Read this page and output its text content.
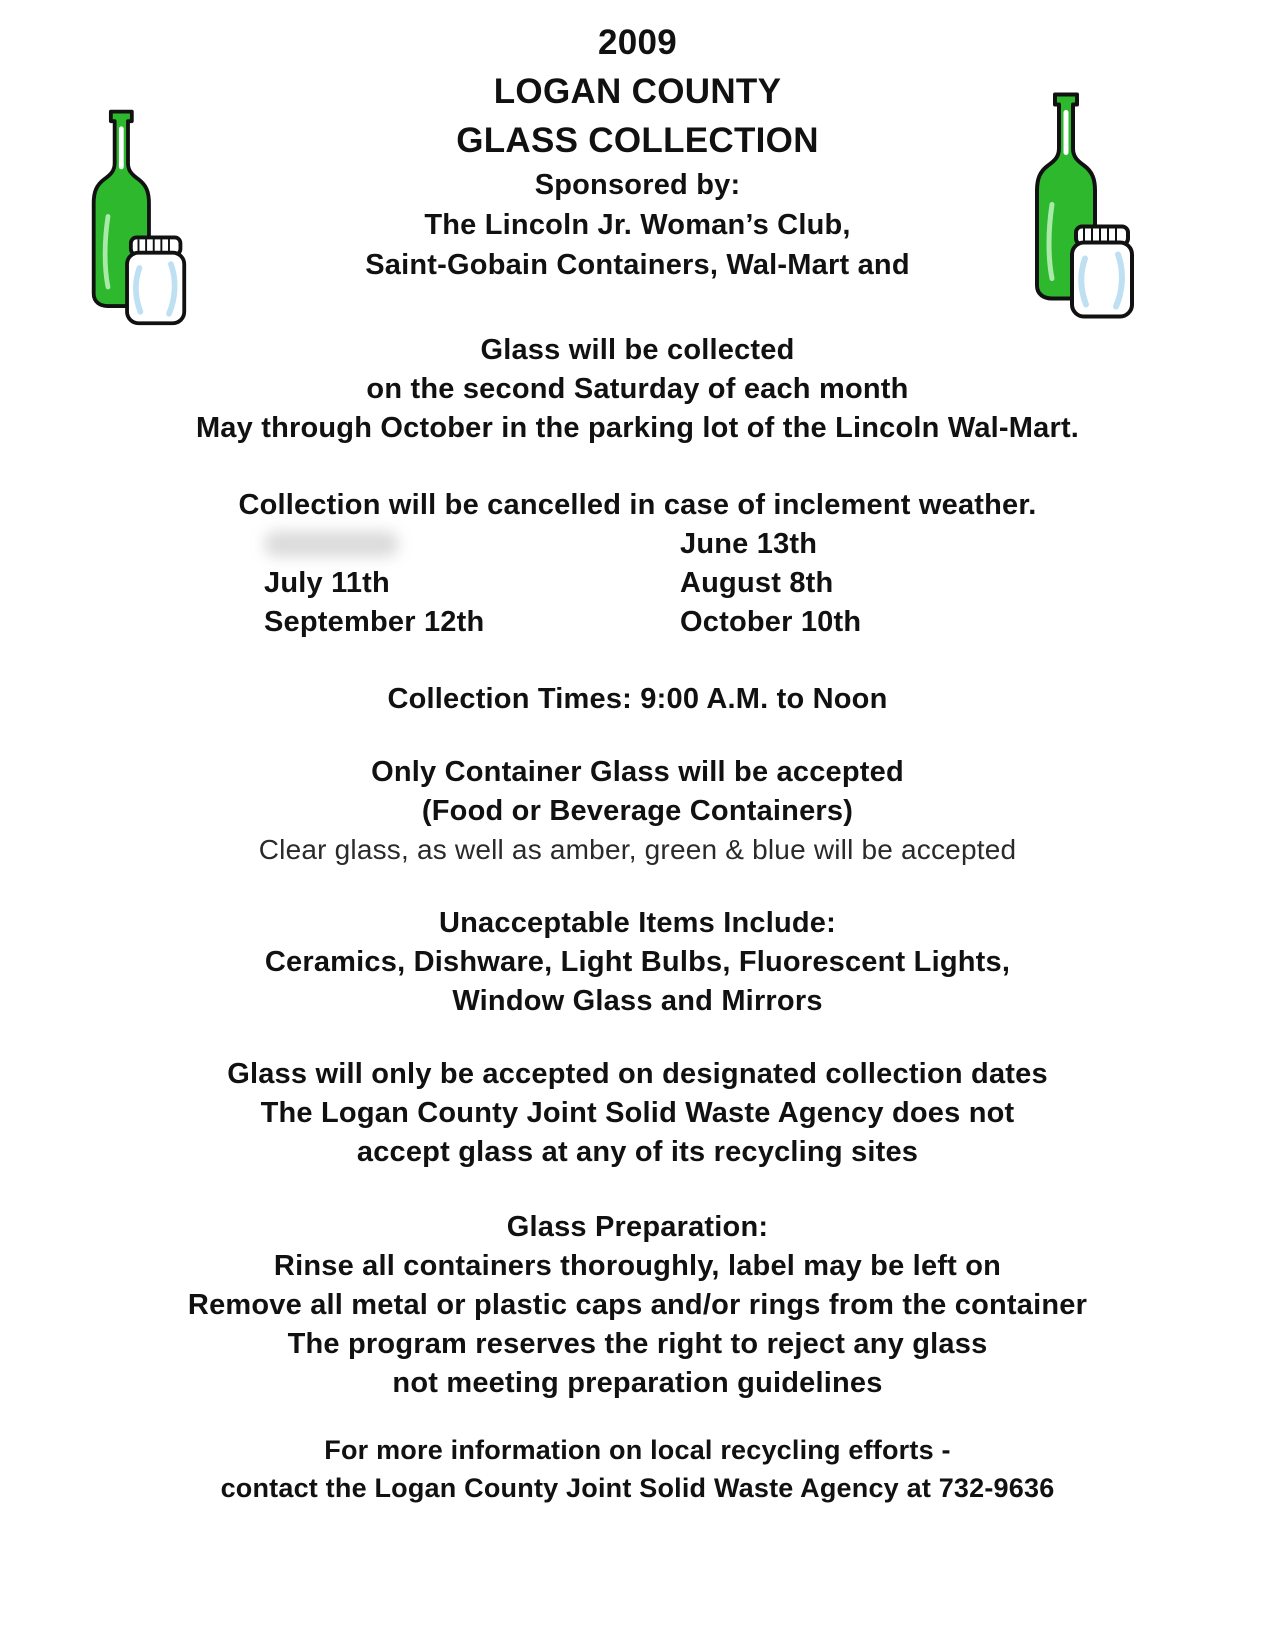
2009
LOGAN COUNTY
GLASS COLLECTION
Sponsored by:
The Lincoln Jr. Woman’s Club,
Saint-Gobain Containers, Wal-Mart and
Glass will be collected
on the second Saturday of each month
May through October in the parking lot of the Lincoln Wal-Mart.
Collection will be cancelled in case of inclement weather.
June 13th
July 11th	August 8th
September 12th	October 10th
Collection Times: 9:00 A.M. to Noon
Only Container Glass will be accepted
(Food or Beverage Containers)
Clear glass, as well as amber, green & blue will be accepted
Unacceptable Items Include:
Ceramics, Dishware, Light Bulbs, Fluorescent Lights,
Window Glass and Mirrors
Glass will only be accepted on designated collection dates
The Logan County Joint Solid Waste Agency does not
accept glass at any of its recycling sites
Glass Preparation:
Rinse all containers thoroughly, label may be left on
Remove all metal or plastic caps and/or rings from the container
The program reserves the right to reject any glass
not meeting preparation guidelines
For more information on local recycling efforts -
contact the Logan County Joint Solid Waste Agency at 732-9636
